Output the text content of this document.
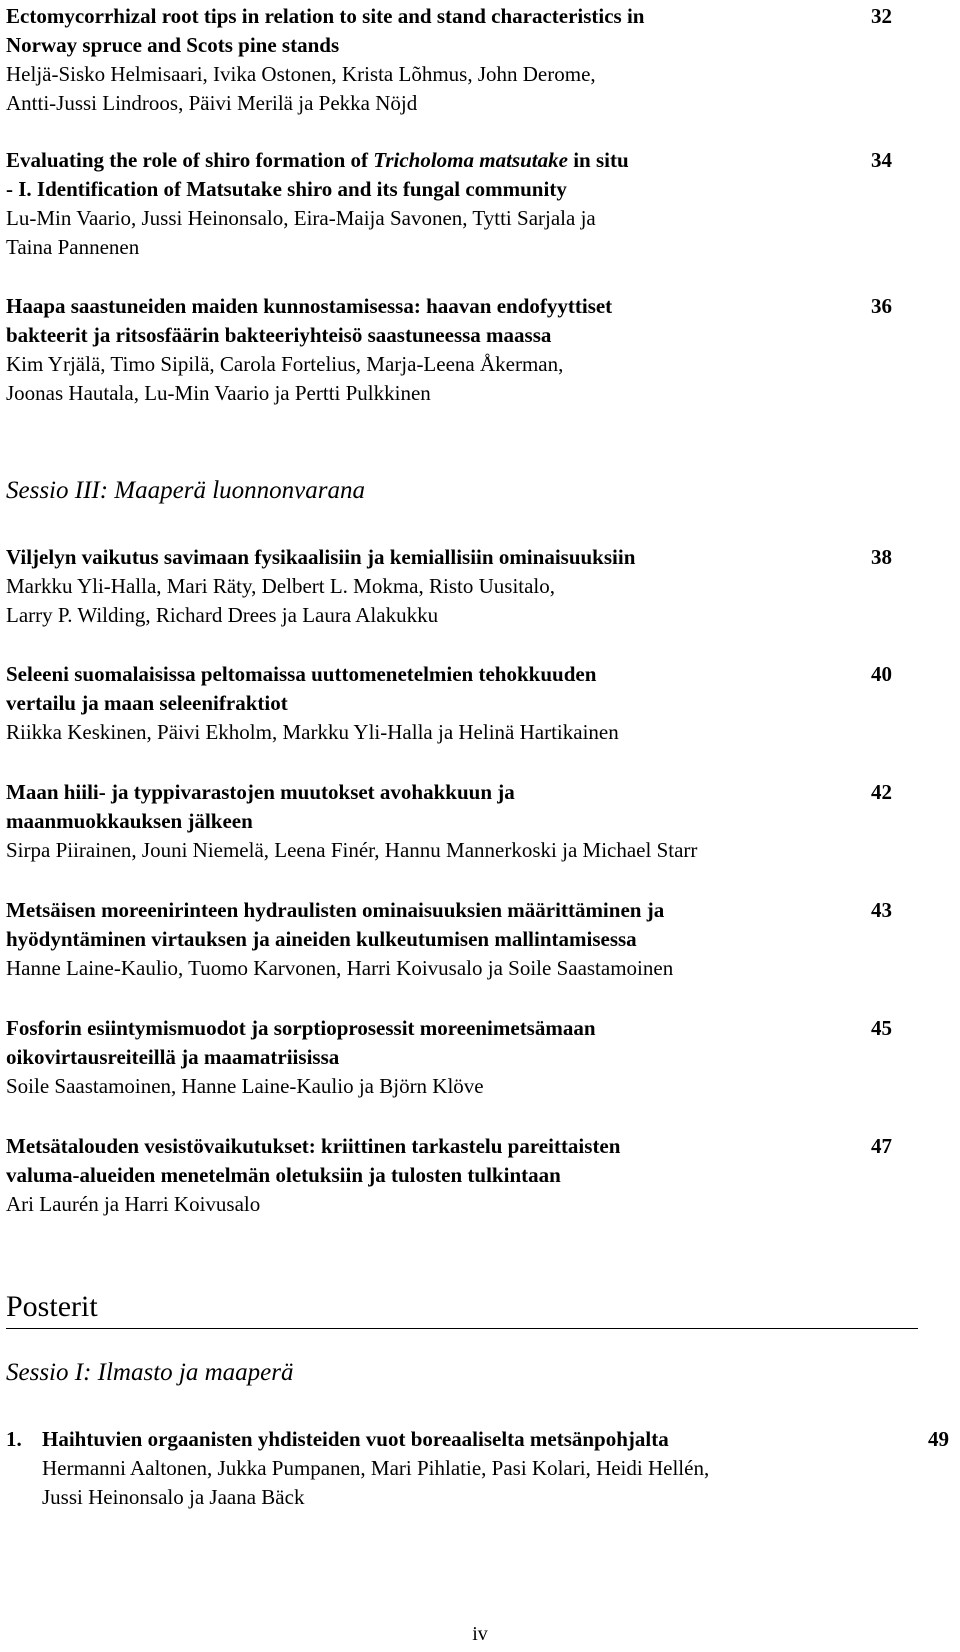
Ectomycorrhizal root tips in relation to site and stand characteristics in
Norway spruce and Scots pine stands
Heljä-Sisko Helmisaari, Ivika Ostonen, Krista Lõhmus, John Derome,
Antti-Jussi Lindroos, Päivi Merilä ja Pekka Nöjd
32
Evaluating the role of shiro formation of Tricholoma matsutake in situ
- I. Identification of Matsutake shiro and its fungal community
Lu-Min Vaario, Jussi Heinonsalo, Eira-Maija Savonen, Tytti Sarjala ja
Taina Pannenen
34
Haapa saastuneiden maiden kunnostamisessa: haavan endofyyttiset
bakteerit ja ritsosfäärin bakteeriyhteisö saastuneessa maassa
Kim Yrjälä, Timo Sipilä, Carola Fortelius, Marja-Leena Åkerman,
Joonas Hautala, Lu-Min Vaario ja Pertti Pulkkinen
36
Sessio III: Maaperä luonnonvarana
Viljelyn vaikutus savimaan fysikaalisiin ja kemiallisiin ominaisuuksiin
Markku Yli-Halla, Mari Räty, Delbert L. Mokma, Risto Uusitalo,
Larry P. Wilding, Richard Drees ja Laura Alakukku
38
Seleeni suomalaisissa peltomaissa uuttomenetelmien tehokkuuden
vertailu ja maan seleenifraktiot
Riikka Keskinen, Päivi Ekholm, Markku Yli-Halla ja Helinä Hartikainen
40
Maan hiili- ja typpivarastojen muutokset avohakkuun ja
maanmuokkauksen jälkeen
Sirpa Piirainen, Jouni Niemelä, Leena Finér, Hannu Mannerkoski ja Michael Starr
42
Metsäisen moreenirinteen hydraulisten ominaisuuksien määrittäminen ja
hyödyntäminen virtauksen ja aineiden kulkeutumisen mallintamisessa
Hanne Laine-Kaulio, Tuomo Karvonen, Harri Koivusalo ja Soile Saastamoinen
43
Fosforin esiintymismuodot ja sorptioprosessit moreenimetsämaan
oikovirtausreiteillä ja maamatriisissa
Soile Saastamoinen, Hanne Laine-Kaulio ja Björn Klöve
45
Metsätalouden vesistövaikutukset: kriittinen tarkastelu pareittaisten
valuma-alueiden menetelmän oletuksiin ja tulosten tulkintaan
Ari Laurén ja Harri Koivusalo
47
Posterit
Sessio I: Ilmasto ja maaperä
1. Haihtuvien orgaanisten yhdisteiden vuot boreaaliselta metsänpohjalta
Hermanni Aaltonen, Jukka Pumpanen, Mari Pihlatie, Pasi Kolari, Heidi Hellén,
Jussi Heinonsalo ja Jaana Bäck
49
iv
